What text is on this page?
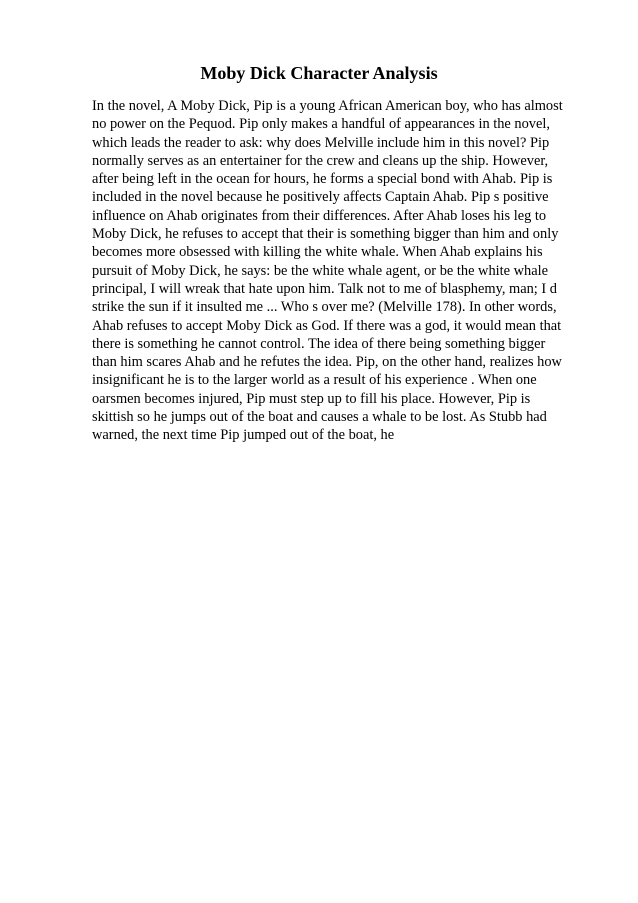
Moby Dick Character Analysis
In the novel, A Moby Dick, Pip is a young African American boy, who has almost
no power on the Pequod. Pip only makes a handful of appearances in the novel,
which leads the reader to ask: why does Melville include him in this novel? Pip
normally serves as an entertainer for the crew and cleans up the ship. However,
after being left in the ocean for hours, he forms a special bond with Ahab. Pip is
included in the novel because he positively affects Captain Ahab. Pip s positive
influence on Ahab originates from their differences. After Ahab loses his leg to
Moby Dick, he refuses to accept that their is something bigger than him and only
becomes more obsessed with killing the white whale. When Ahab explains his
pursuit of Moby Dick, he says: be the white whale agent, or be the white whale
principal, I will wreak that hate upon him. Talk not to me of blasphemy, man; I d
strike the sun if it insulted me ... Who s over me? (Melville 178). In other words,
Ahab refuses to accept Moby Dick as God. If there was a god, it would mean that
there is something he cannot control. The idea of there being something bigger
than him scares Ahab and he refutes the idea. Pip, on the other hand, realizes how
insignificant he is to the larger world as a result of his experience . When one
oarsmen becomes injured, Pip must step up to fill his place. However, Pip is
skittish so he jumps out of the boat and causes a whale to be lost. As Stubb had
warned, the next time Pip jumped out of the boat, he
